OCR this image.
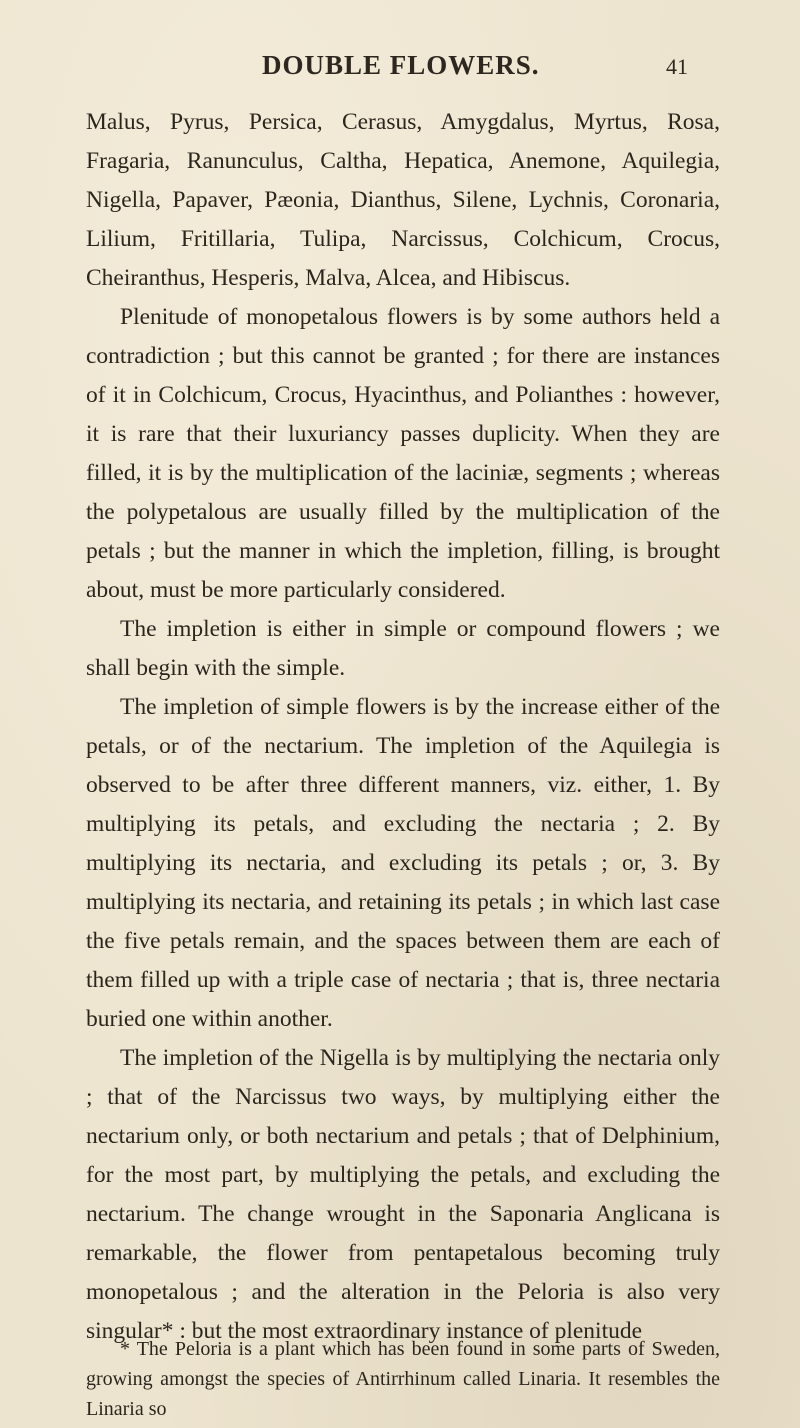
DOUBLE FLOWERS.	41

Malus, Pyrus, Persica, Cerasus, Amygdalus, Myrtus, Rosa, Fragaria, Ranunculus, Caltha, Hepatica, Anemone, Aquilegia, Nigella, Papaver, Pæonia, Dianthus, Silene, Lychnis, Coronaria, Lilium, Fritillaria, Tulipa, Narcissus, Colchicum, Crocus, Cheiranthus, Hesperis, Malva, Alcea, and Hibiscus.

Plenitude of monopetalous flowers is by some authors held a contradiction ; but this cannot be granted ; for there are instances of it in Colchicum, Crocus, Hyacinthus, and Polianthes : however, it is rare that their luxuriancy passes duplicity. When they are filled, it is by the multiplication of the laciniæ, segments ; whereas the polypetalous are usually filled by the multiplication of the petals ; but the manner in which the impletion, filling, is brought about, must be more particularly considered.

The impletion is either in simple or compound flowers ; we shall begin with the simple.

The impletion of simple flowers is by the increase either of the petals, or of the nectarium. The impletion of the Aquilegia is observed to be after three different manners, viz. either, 1. By multiplying its petals, and excluding the nectaria ; 2. By multiplying its nectaria, and excluding its petals ; or, 3. By multiplying its nectaria, and retaining its petals ; in which last case the five petals remain, and the spaces between them are each of them filled up with a triple case of nectaria ; that is, three nectaria buried one within another.

The impletion of the Nigella is by multiplying the nectaria only ; that of the Narcissus two ways, by multiplying either the nectarium only, or both nectarium and petals ; that of Delphinium, for the most part, by multiplying the petals, and excluding the nectarium. The change wrought in the Saponaria Anglicana is remarkable, the flower from pentapetalous becoming truly monopetalous ; and the alteration in the Peloria is also very singular* : but the most extraordinary instance of plenitude

* The Peloria is a plant which has been found in some parts of Sweden, growing amongst the species of Antirrhinum called Linaria. It resembles the Linaria so
